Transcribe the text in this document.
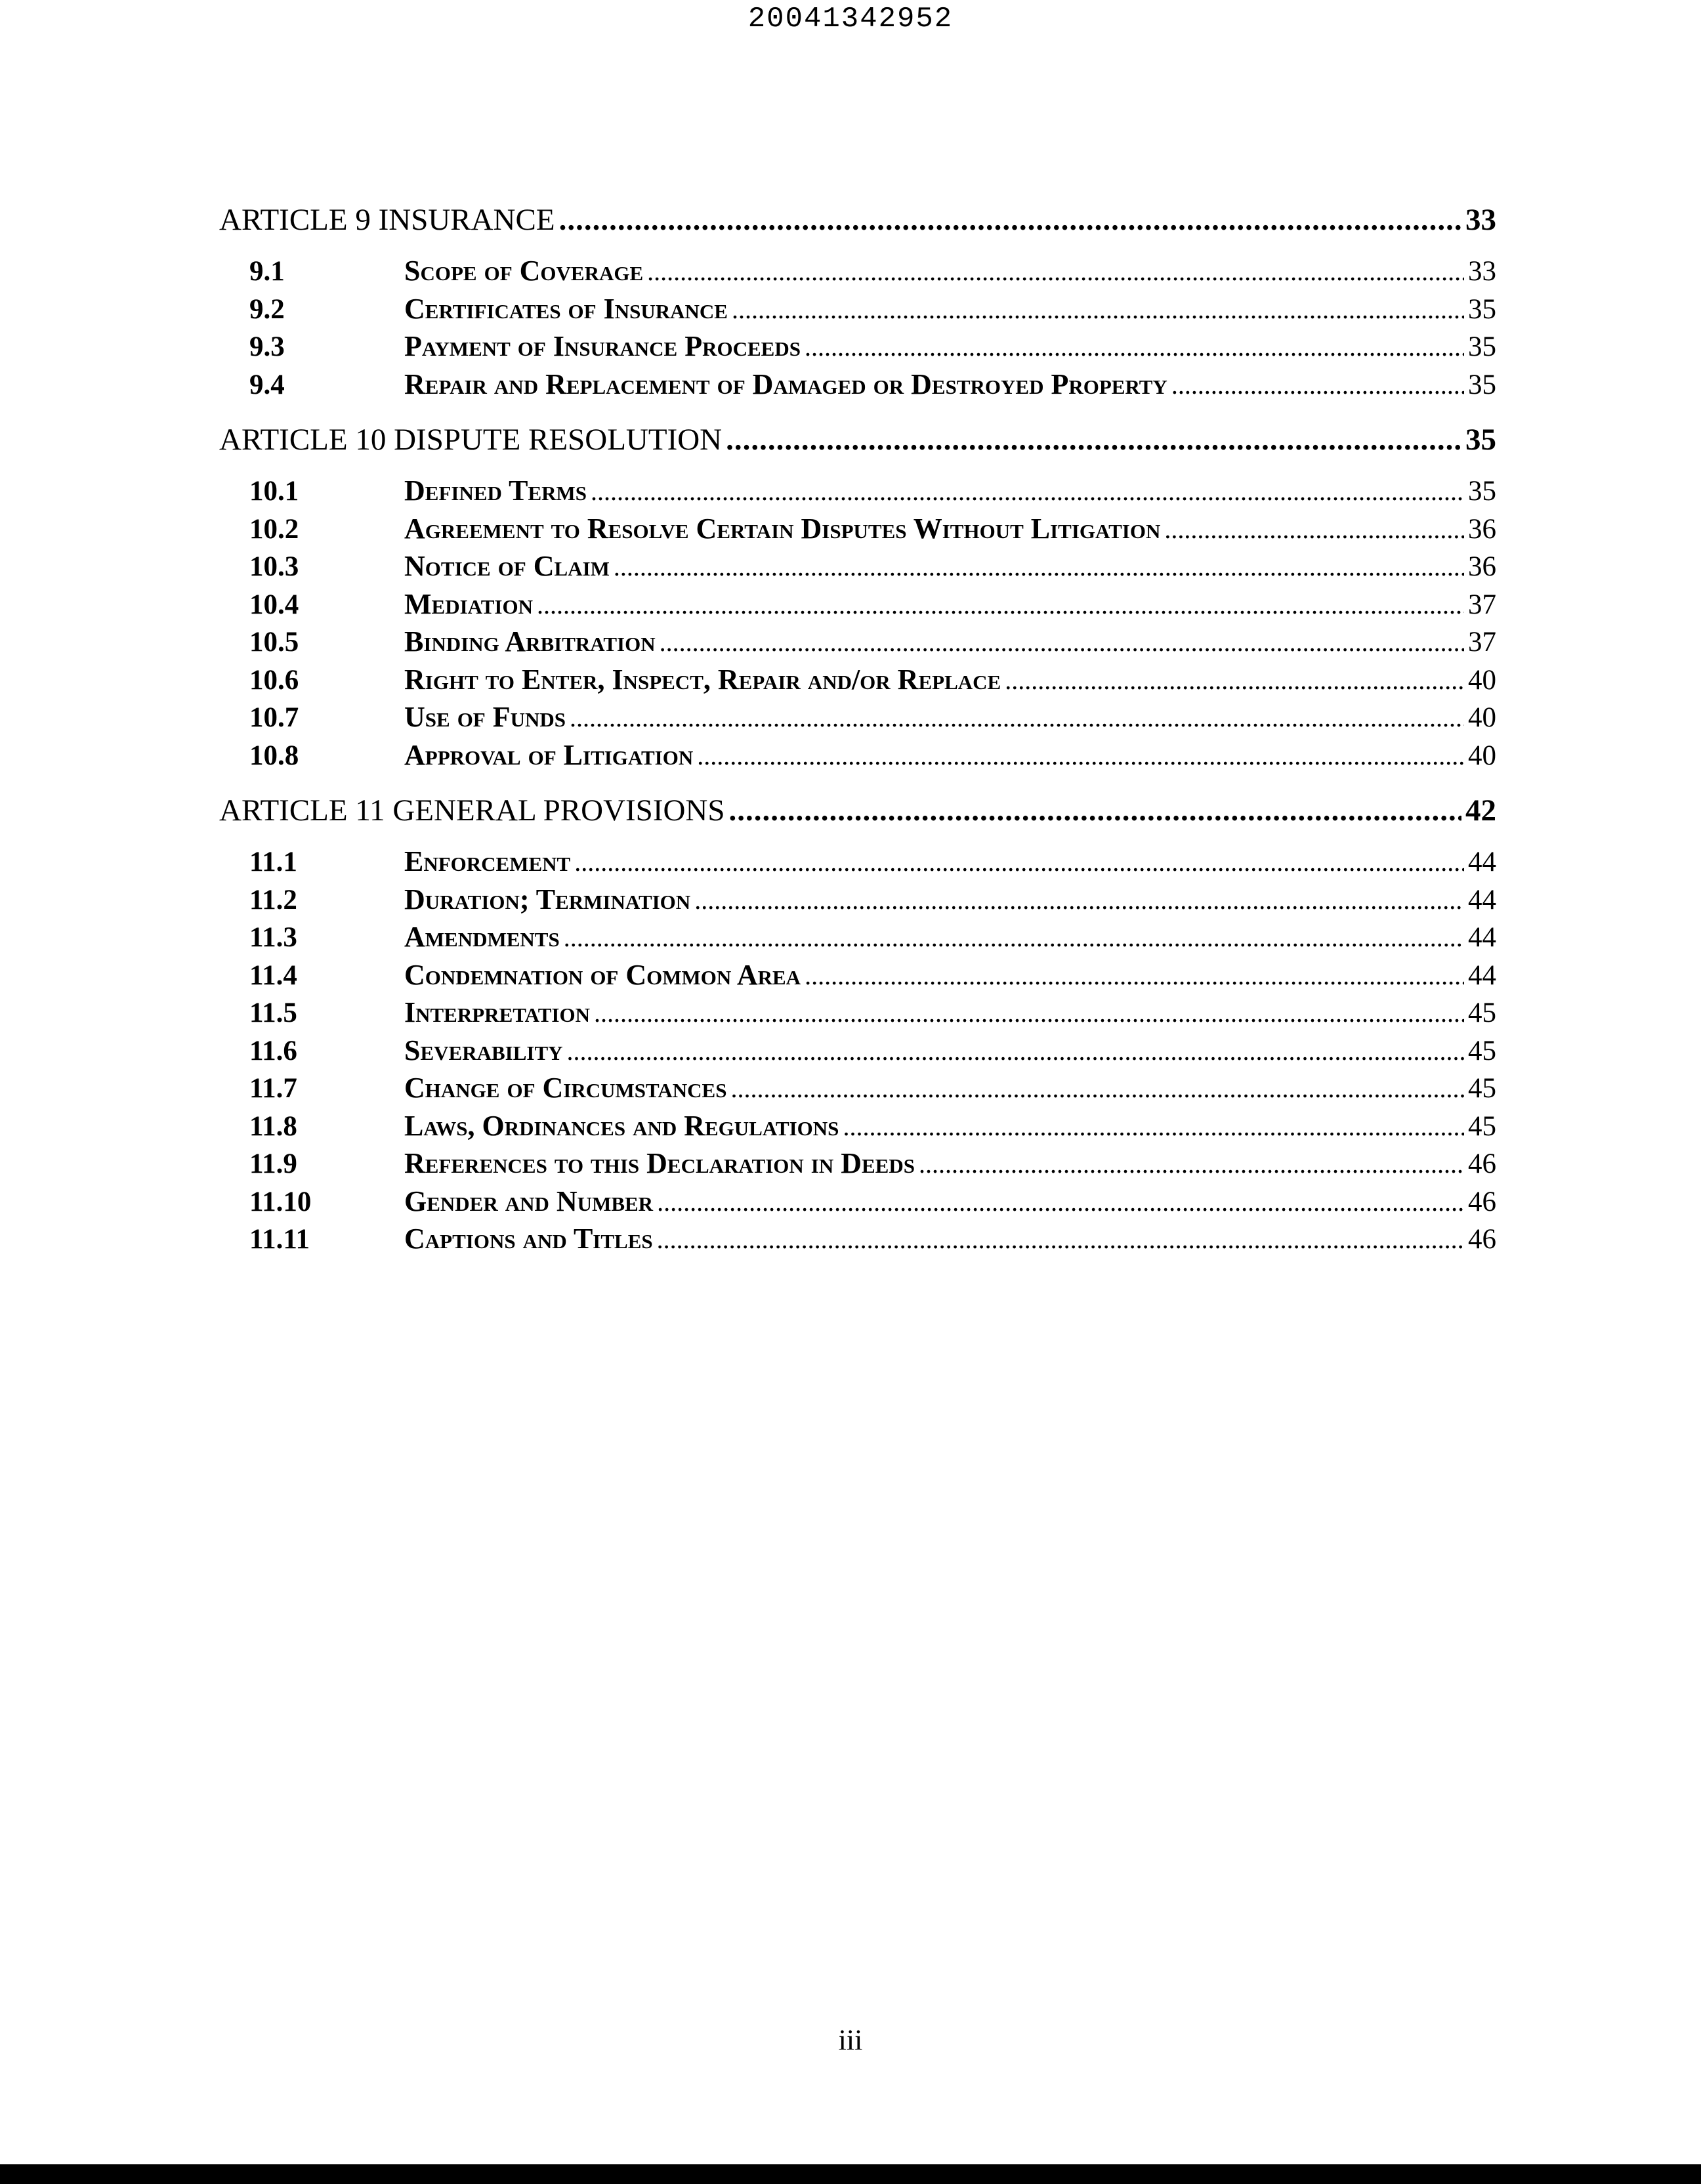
20041342952
ARTICLE 9 INSURANCE .....	33
9.1	Scope of Coverage .....	33
9.2	Certificates of Insurance .....	35
9.3	Payment of Insurance Proceeds .....	35
9.4	Repair and Replacement of Damaged or Destroyed Property .....	35
ARTICLE 10 DISPUTE RESOLUTION .....	35
10.1	Defined Terms .....	35
10.2	Agreement to Resolve Certain Disputes Without Litigation .....	36
10.3	Notice of Claim .....	36
10.4	Mediation .....	37
10.5	Binding Arbitration .....	37
10.6	Right to Enter, Inspect, Repair and/or Replace .....	40
10.7	Use of Funds .....	40
10.8	Approval of Litigation .....	40
ARTICLE 11 GENERAL PROVISIONS .....	42
11.1	Enforcement .....	44
11.2	Duration; Termination .....	44
11.3	Amendments .....	44
11.4	Condemnation of Common Area .....	44
11.5	Interpretation .....	45
11.6	Severability .....	45
11.7	Change of Circumstances .....	45
11.8	Laws, Ordinances and Regulations .....	45
11.9	References to this Declaration in Deeds .....	46
11.10	Gender and Number .....	46
11.11	Captions and Titles .....	46
iii
